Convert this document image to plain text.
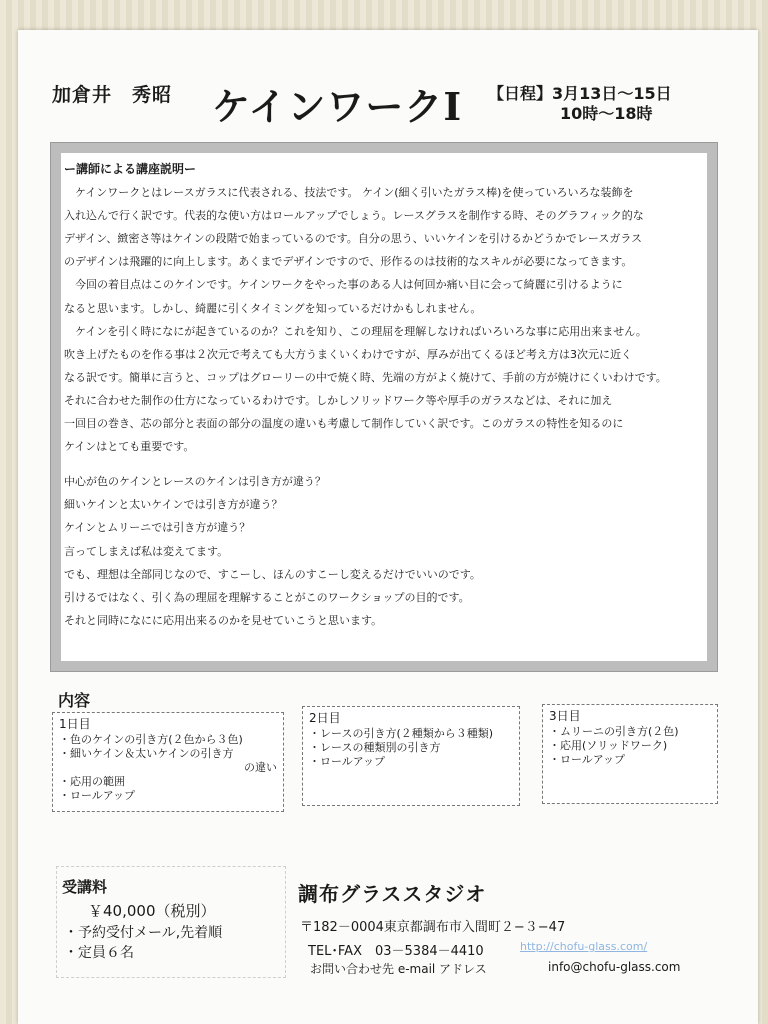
加倉井　秀昭 ケインワークⅠ 【日程】3月13日〜15日
10時〜18時
ー講師による講座説明ー
　ケインワークとはレースガラスに代表される、技法です。 ケイン(細く引いたガラス棒)を使っていろいろな装飾を
入れ込んで行く訳です。代表的な使い方はロールアップでしょう。レースグラスを制作する時、そのグラフィック的な
デザイン、緻密さ等はケインの段階で始まっているのです。自分の思う、いいケインを引けるかどうかでレースガラス
のデザインは飛躍的に向上します。あくまでデザインですので、形作るのは技術的なスキルが必要になってきます。
　今回の着目点はこのケインです。ケインワークをやった事のある人は何回か痛い目に会って綺麗に引けるように
なると思います。しかし、綺麗に引くタイミングを知っているだけかもしれません。
　ケインを引く時になにが起きているのか？これを知り、この理屈を理解しなければいろいろな事に応用出来ません。
吹き上げたものを作る事は２次元で考えても大方うまくいくわけですが、厚みが出てくるほど考え方は3次元に近く
なる訳です。簡単に言うと、コップはグローリーの中で焼く時、先端の方がよく焼けて、手前の方が焼けにくいわけです。
それに合わせた制作の仕方になっているわけです。しかしソリッドワーク等や厚手のガラスなどは、それに加え
一回目の巻き、芯の部分と表面の部分の温度の違いも考慮して制作していく訳です。このガラスの特性を知るのに
ケインはとても重要です。
中心が色のケインとレースのケインは引き方が違う？
細いケインと太いケインでは引き方が違う？
ケインとムリーニでは引き方が違う？
言ってしまえば私は変えてます。
でも、理想は全部同じなので、すこーし、ほんのすこーし変えるだけでいいのです。
引けるではなく、引く為の理屈を理解することがこのワークショップの目的です。
それと同時になにに応用出来るのかを見せていこうと思います。
内容
1日目
・色のケインの引き方(２色から３色)
・細いケイン＆太いケインの引き方
の違い
・応用の範囲
・ロールアップ
2日目
・レースの引き方(２種類から３種類)
・レースの種類別の引き方
・ロールアップ
3日目
・ムリーニの引き方(２色)
・応用(ソリッドワーク)
・ロールアップ
受講料
￥40,000（税別）
・予約受付メール,先着順
・定員６名
調布グラススタジオ
〒182－0004東京都調布市入間町２−３−47
TEL･FAX　03－5384－4410	http://chofu-glass.com/
お問い合わせ先 e-mail アドレス	info@chofu-glass.com
